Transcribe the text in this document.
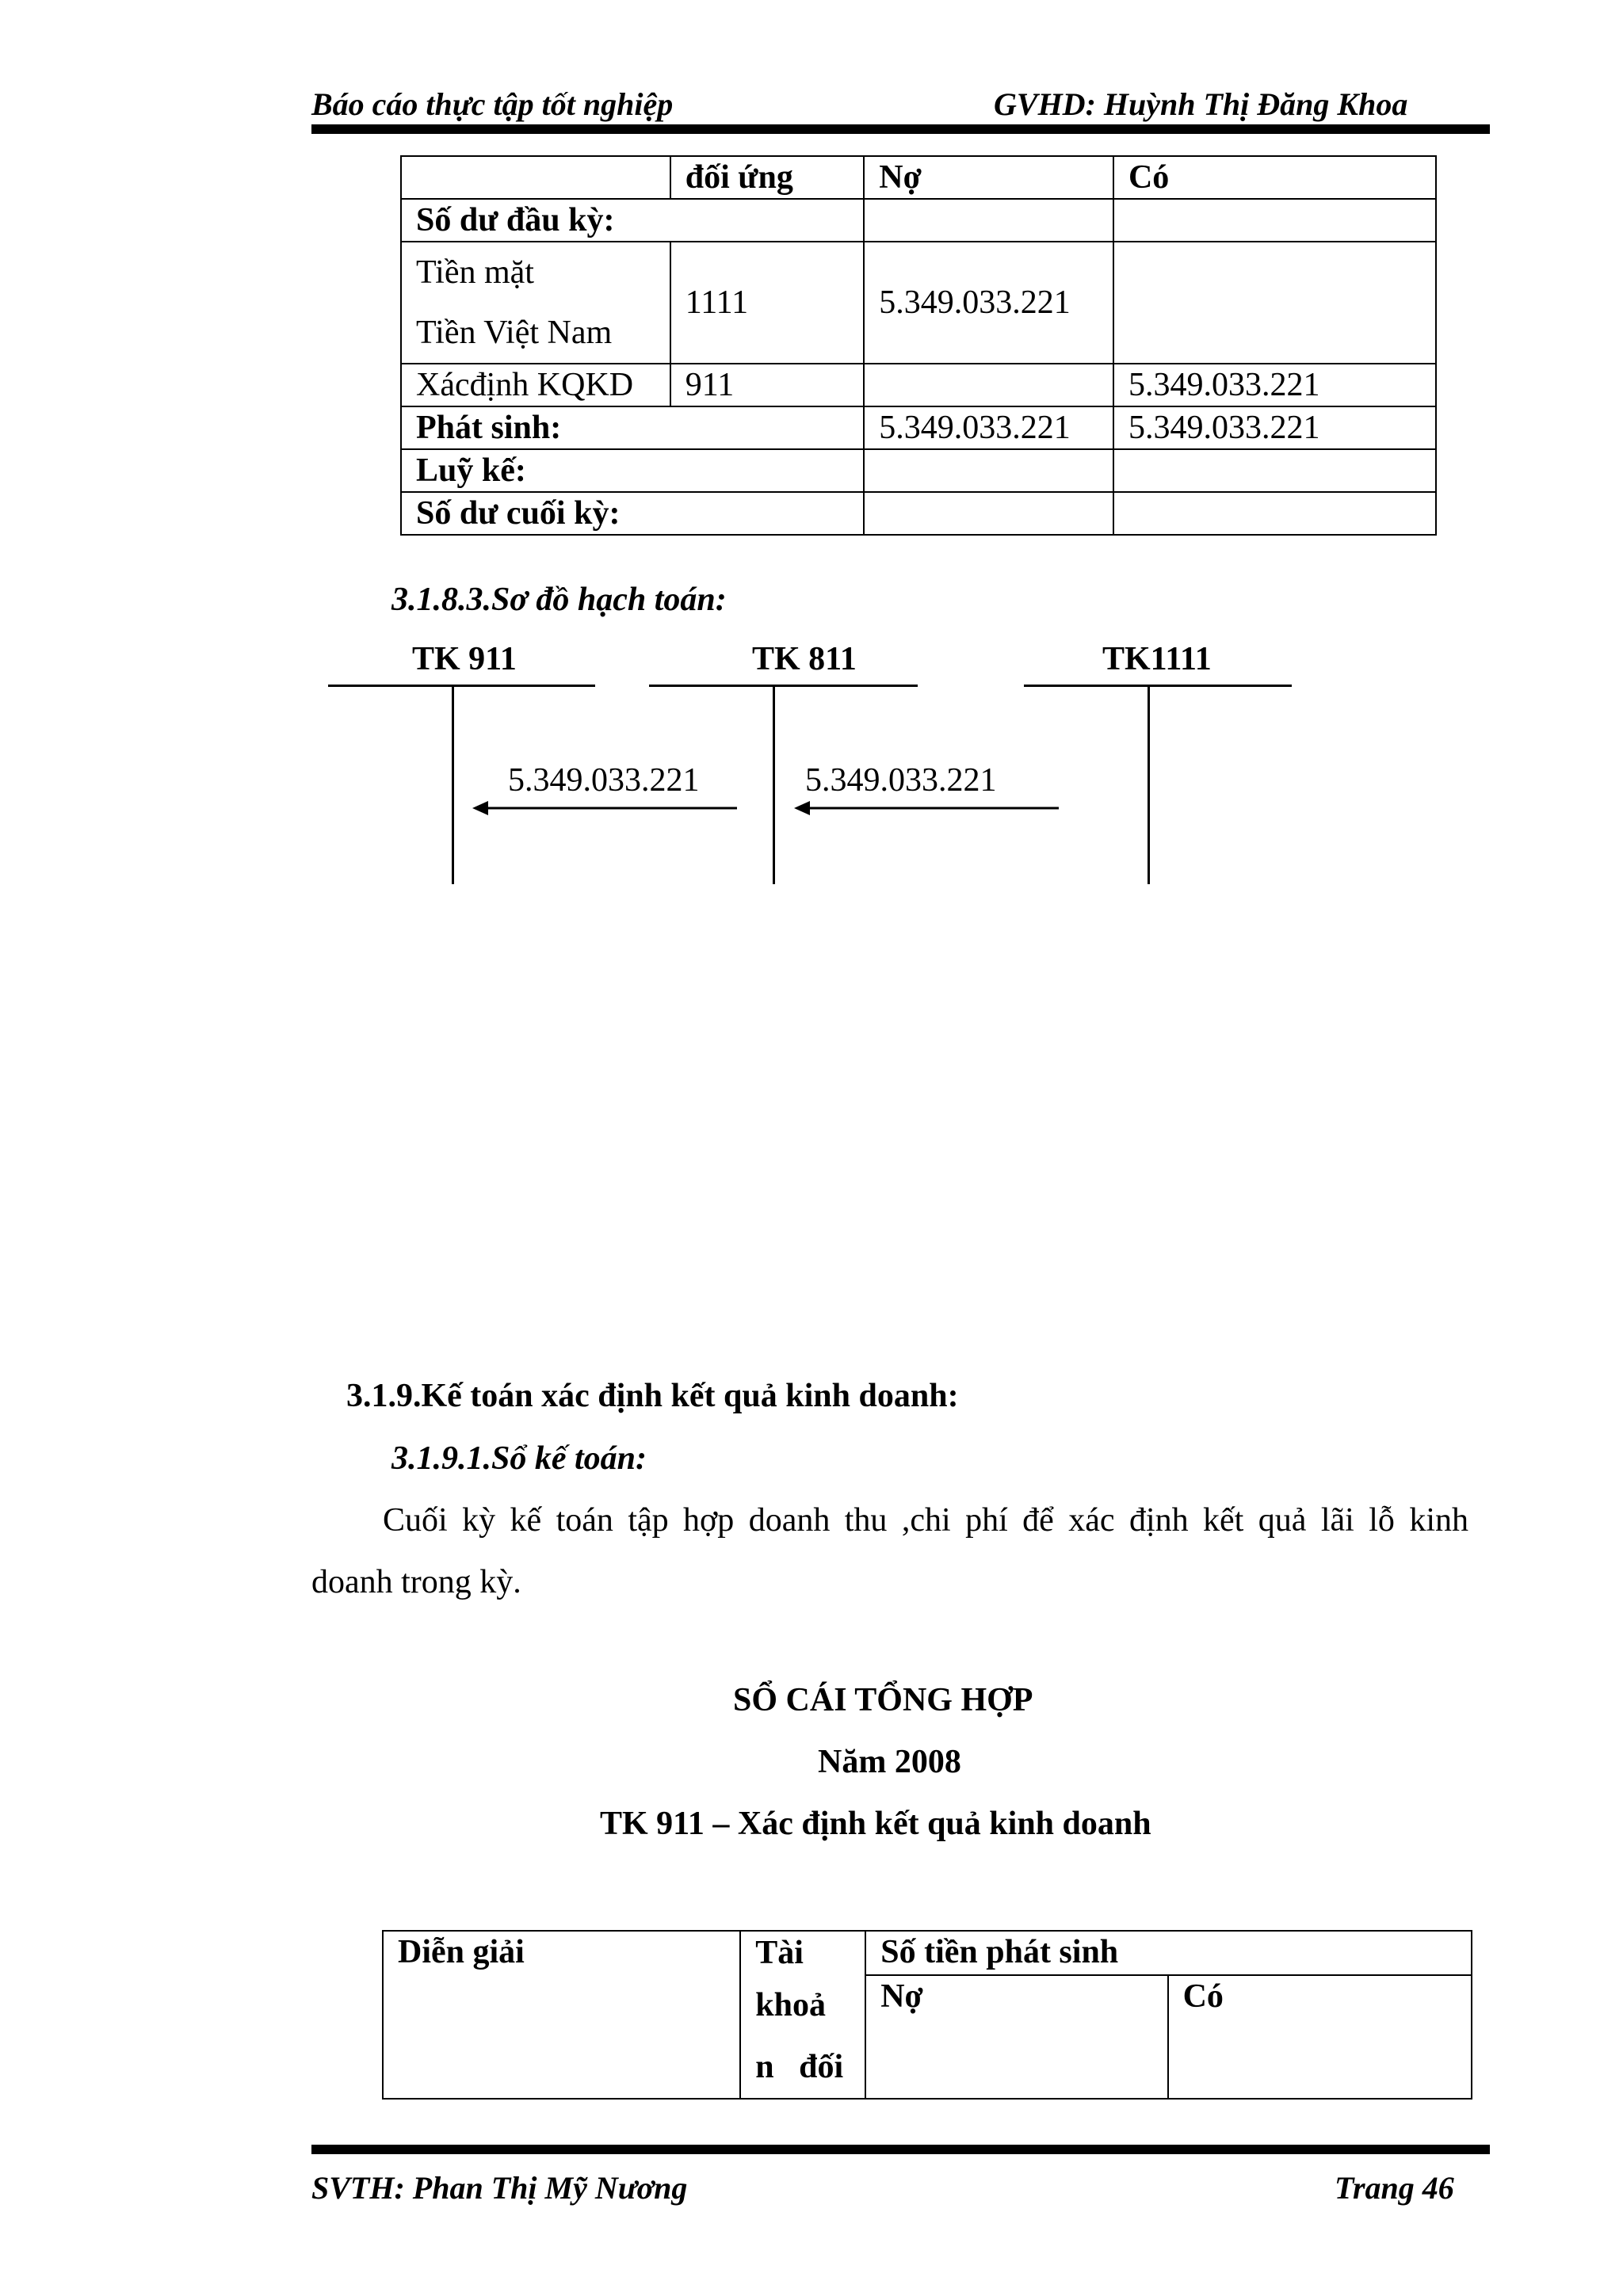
Báo cáo thực tập tốt nghiệp	GVHD: Huỳnh Thị Đăng Khoa
	đối ứng	Nợ	Có
Số dư đầu kỳ:			

Tiền mặt
Tiền Việt Nam	1111	5.349.033.221	
Xácđịnh KQKD	911		5.349.033.221
Phát sinh:		5.349.033.221	5.349.033.221
Luỹ kế:			
Số dư cuối kỳ:			
3.1.8.3.Sơ đồ hạch toán:
TK 911	TK 811	TK1111
5.349.033.221	5.349.033.221
3.1.9.Kế toán xác định kết quả kinh doanh:
3.1.9.1.Sổ kế toán:
Cuối kỳ kế toán tập hợp doanh thu ,chi phí để xác định kết quả lãi lỗ kinh
doanh trong kỳ.
SỔ CÁI TỔNG HỢP
Năm 2008
TK 911 – Xác định kết quả kinh doanh
Diễn giải	Tài
khoả
n   đối	Số tiền phát sinh	
		Nợ	Có
SVTH: Phan Thị Mỹ Nương	Trang 46
